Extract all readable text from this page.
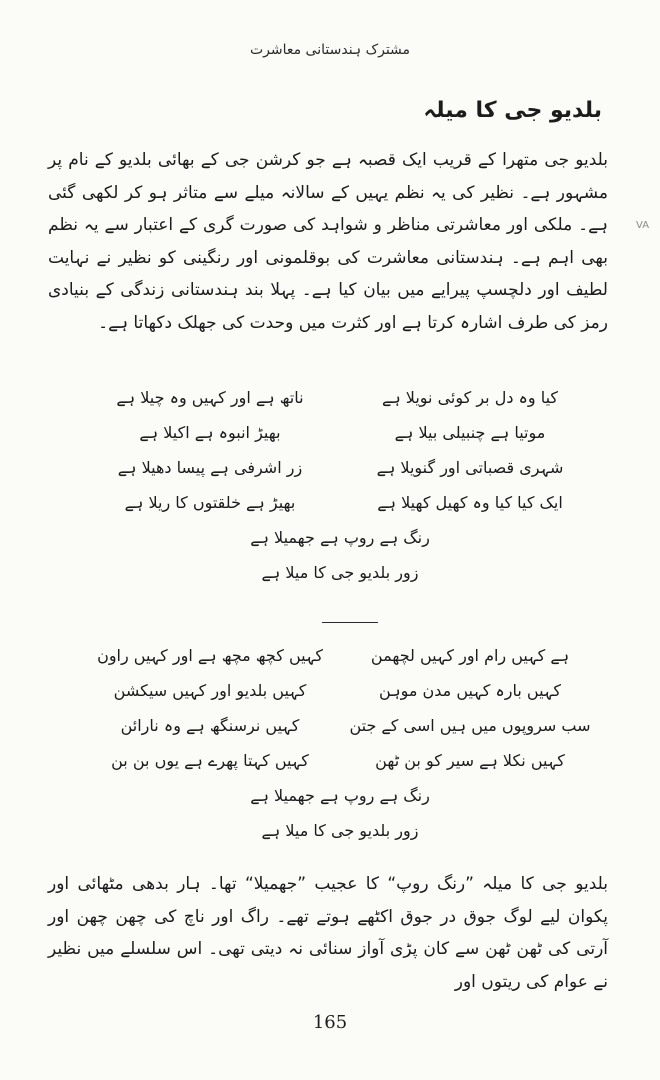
مشترک ہندستانی معاشرت
بلدیو جی کا میلہ

بلدیو جی متھرا کے قریب ایک قصبہ ہے جو کرشن جی کے بھائی بلدیو کے نام پر مشہور ہے۔ نظیر کی یہ نظم یہیں کے سالانہ میلے سے متاثر ہو کر لکھی گئی ہے۔ ملکی اور معاشرتی مناظر و شواہد کی صورت گری کے اعتبار سے یہ نظم بھی اہم ہے۔ ہندستانی معاشرت کی بوقلمونی اور رنگینی کو نظیر نے نہایت لطیف اور دلچسپ پیرایے میں بیان کیا ہے۔ پہلا بند ہندستانی زندگی کے بنیادی رمز کی طرف اشارہ کرتا ہے اور کثرت میں وحدت کی جھلک دکھاتا ہے۔

کیا وہ دل بر کوئی نویلا ہے
ناتھ ہے اور کہیں وہ چیلا ہے
موتیا ہے چنبیلی بیلا ہے
بھیڑ انبوہ ہے اکیلا ہے
شہری قصباتی اور گنویلا ہے
زر اشرفی ہے پیسا دھیلا ہے
ایک کیا کیا وہ کھیل کھیلا ہے
بھیڑ ہے خلقتوں کا ریلا ہے
رنگ ہے روپ ہے جھمیلا ہے
زور بلدیو جی کا میلا ہے
ہے کہیں رام اور کہیں لچھمن
کہیں کچھ مچھ ہے اور کہیں راون
کہیں بارہ کہیں مدن موہن
کہیں بلدیو اور کہیں سیکشن
سب سروپوں میں ہیں اسی کے جتن
کہیں نرسنگھ ہے وہ نارائن
کہیں نکلا ہے سیر کو بن ٹھن
کہیں کہتا پھرے ہے یوں بن بن
رنگ ہے روپ ہے جھمیلا ہے
زور بلدیو جی کا میلا ہے

بلدیو جی کا میلہ ”رنگ روپ“ کا عجیب ”جھمیلا“ تھا۔ ہار بدھی مٹھائی اور پکوان لیے لوگ جوق در جوق اکٹھے ہوتے تھے۔ راگ اور ناچ کی چھن چھن اور آرتی کی ٹھن ٹھن سے کان پڑی آواز سنائی نہ دیتی تھی۔ اس سلسلے میں نظیر نے عوام کی ریتوں اور

165
VA
